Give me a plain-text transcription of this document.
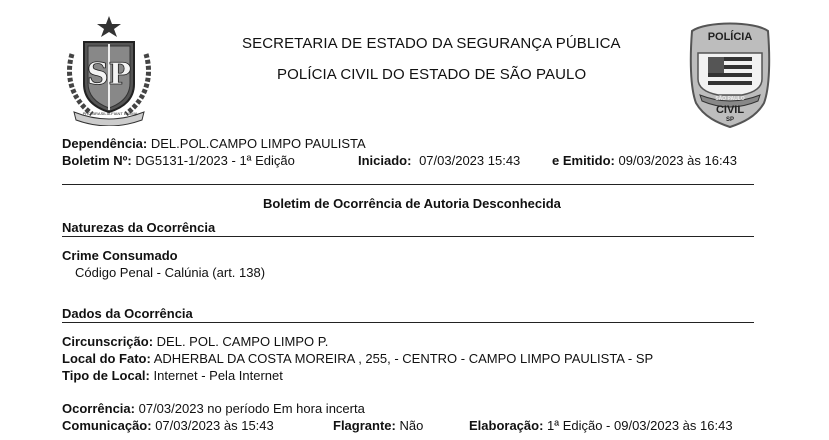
SP
PRO BRASILIA FIANT EXIMIA
SECRETARIA DE ESTADO DA SEGURANÇA PÚBLICA
POLÍCIA CIVIL DO ESTADO DE SÃO PAULO
POLÍCIA
SÃO PAULO
CIVIL
SP
Dependência: DEL.POL.CAMPO LIMPO PAULISTA
Boletim Nº: DG5131-1/2023 - 1ª Edição	Iniciado: 07/03/2023 15:43 e Emitido: 09/03/2023 às 16:43
Boletim de Ocorrência de Autoria Desconhecida
Naturezas da Ocorrência
Crime Consumado
Código Penal - Calúnia (art. 138)
Dados da Ocorrência
Circunscrição: DEL. POL. CAMPO LIMPO P.
Local do Fato: ADHERBAL DA COSTA MOREIRA , 255, - CENTRO - CAMPO LIMPO PAULISTA - SP
Tipo de Local: Internet - Pela Internet
Ocorrência: 07/03/2023 no período Em hora incerta
Comunicação: 07/03/2023 às 15:43	Flagrante: Não	Elaboração: 1ª Edição - 09/03/2023 às 16:43
